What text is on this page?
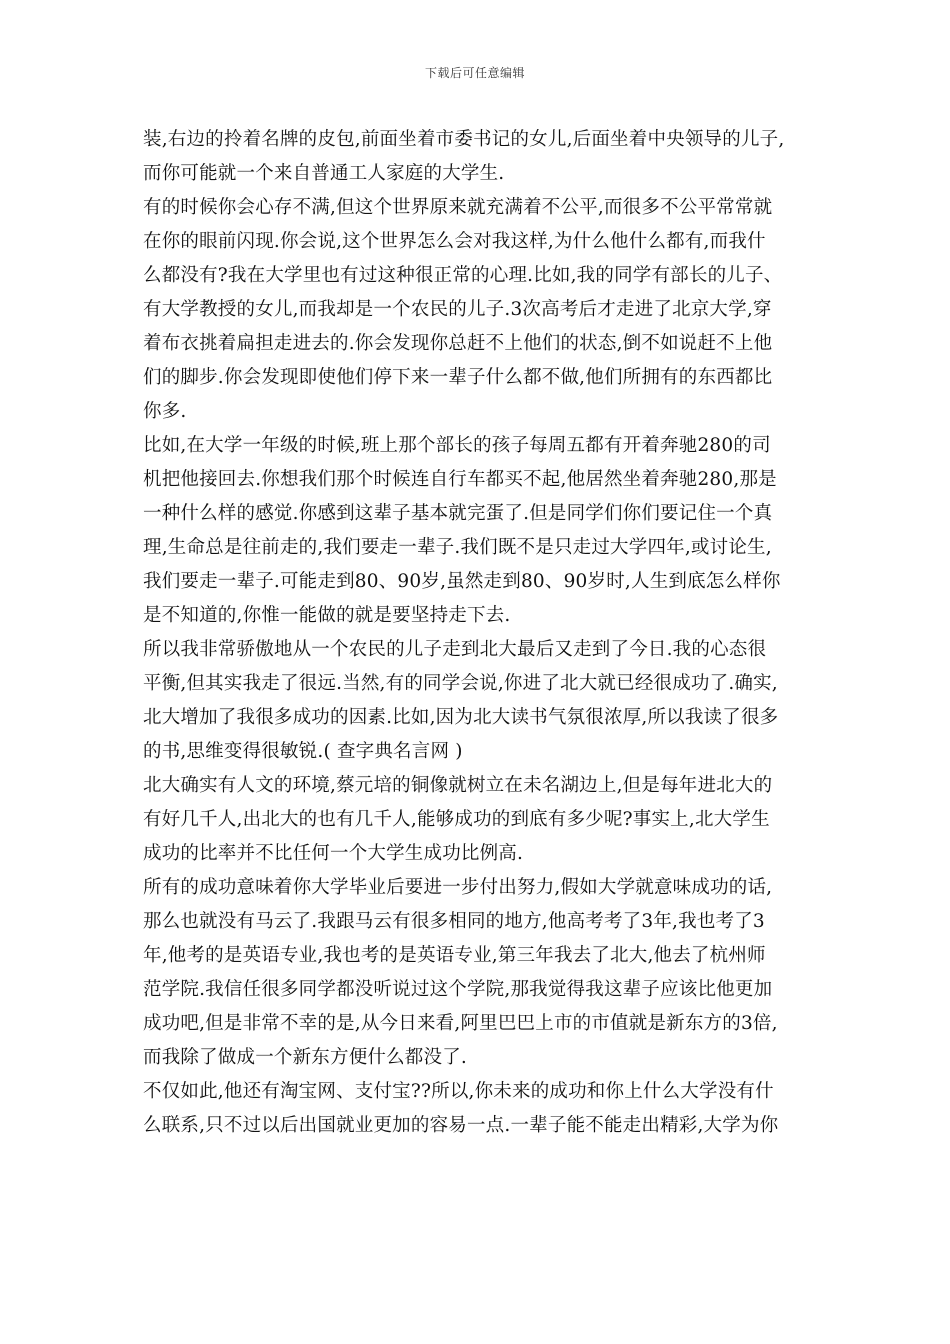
下载后可任意编辑
装,右边的拎着名牌的皮包,前面坐着市委书记的女儿,后面坐着中央领导的儿子,
而你可能就一个来自普通工人家庭的大学生.
有的时候你会心存不满,但这个世界原来就充满着不公平,而很多不公平常常就
在你的眼前闪现.你会说,这个世界怎么会对我这样,为什么他什么都有,而我什
么都没有?我在大学里也有过这种很正常的心理.比如,我的同学有部长的儿子、
有大学教授的女儿,而我却是一个农民的儿子.3次高考后才走进了北京大学,穿
着布衣挑着扁担走进去的.你会发现你总赶不上他们的状态,倒不如说赶不上他
们的脚步.你会发现即使他们停下来一辈子什么都不做,他们所拥有的东西都比
你多.
比如,在大学一年级的时候,班上那个部长的孩子每周五都有开着奔驰280的司
机把他接回去.你想我们那个时候连自行车都买不起,他居然坐着奔驰280,那是
一种什么样的感觉.你感到这辈子基本就完蛋了.但是同学们你们要记住一个真
理,生命总是往前走的,我们要走一辈子.我们既不是只走过大学四年,或讨论生,
我们要走一辈子.可能走到80、90岁,虽然走到80、90岁时,人生到底怎么样你
是不知道的,你惟一能做的就是要坚持走下去.
所以我非常骄傲地从一个农民的儿子走到北大最后又走到了今日.我的心态很
平衡,但其实我走了很远.当然,有的同学会说,你进了北大就已经很成功了.确实,
北大增加了我很多成功的因素.比如,因为北大读书气氛很浓厚,所以我读了很多
的书,思维变得很敏锐.( 查字典名言网 )
北大确实有人文的环境,蔡元培的铜像就树立在未名湖边上,但是每年进北大的
有好几千人,出北大的也有几千人,能够成功的到底有多少呢?事实上,北大学生
成功的比率并不比任何一个大学生成功比例高.
所有的成功意味着你大学毕业后要进一步付出努力,假如大学就意味成功的话,
那么也就没有马云了.我跟马云有很多相同的地方,他高考考了3年,我也考了3
年,他考的是英语专业,我也考的是英语专业,第三年我去了北大,他去了杭州师
范学院.我信任很多同学都没听说过这个学院,那我觉得我这辈子应该比他更加
成功吧,但是非常不幸的是,从今日来看,阿里巴巴上市的市值就是新东方的3倍,
而我除了做成一个新东方便什么都没了.
不仅如此,他还有淘宝网、支付宝??所以,你未来的成功和你上什么大学没有什
么联系,只不过以后出国就业更加的容易一点.一辈子能不能走出精彩,大学为你
